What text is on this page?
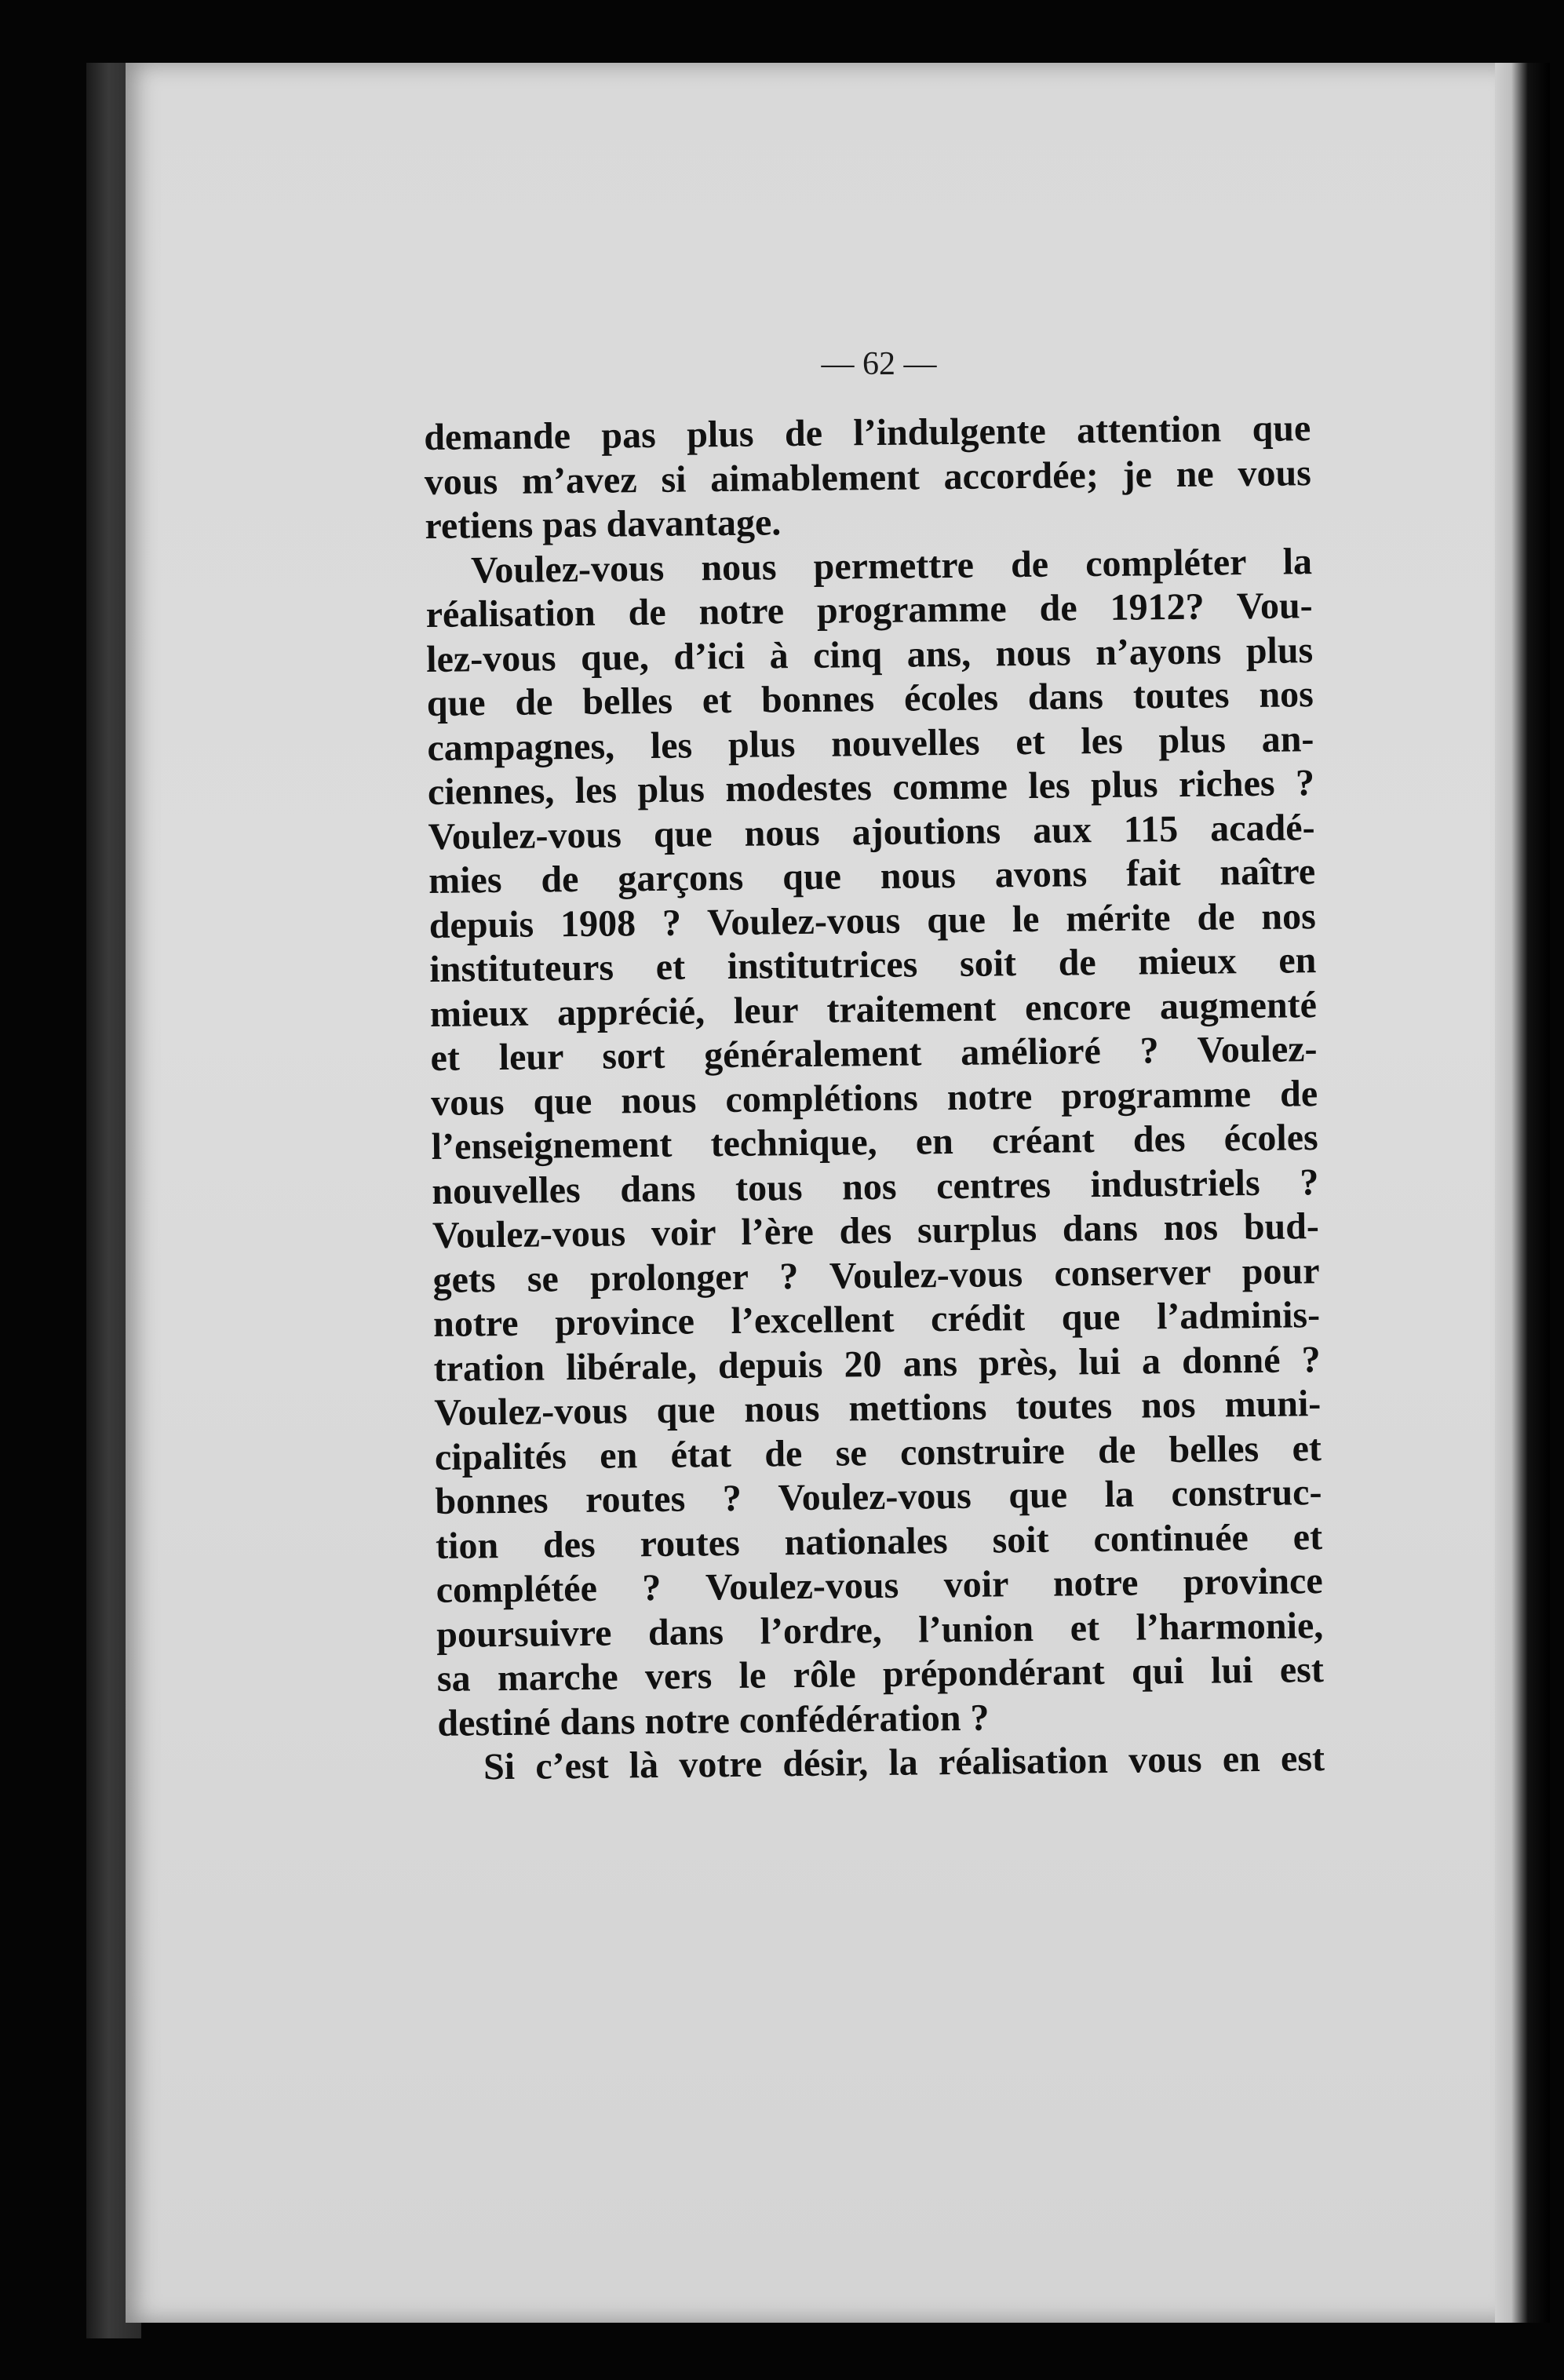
— 62 —
demande pas plus de l’indulgente attention que
vous m’avez si aimablement accordée; je ne vous
retiens pas davantage.
Voulez-vous nous permettre de compléter la
réalisation de notre programme de 1912? Vou-
lez-vous que, d’ici à cinq ans, nous n’ayons plus
que de belles et bonnes écoles dans toutes nos
campagnes, les plus nouvelles et les plus an-
ciennes, les plus modestes comme les plus riches ?
Voulez-vous que nous ajoutions aux 115 acadé-
mies de garçons que nous avons fait naître
depuis 1908 ? Voulez-vous que le mérite de nos
instituteurs et institutrices soit de mieux en
mieux apprécié, leur traitement encore augmenté
et leur sort généralement amélioré ? Voulez-
vous que nous complétions notre programme de
l’enseignement technique, en créant des écoles
nouvelles dans tous nos centres industriels ?
Voulez-vous voir l’ère des surplus dans nos bud-
gets se prolonger ? Voulez-vous conserver pour
notre province l’excellent crédit que l’adminis-
tration libérale, depuis 20 ans près, lui a donné ?
Voulez-vous que nous mettions toutes nos muni-
cipalités en état de se construire de belles et
bonnes routes ? Voulez-vous que la construc-
tion des routes nationales soit continuée et
complétée ? Voulez-vous voir notre province
poursuivre dans l’ordre, l’union et l’harmonie,
sa marche vers le rôle prépondérant qui lui est
destiné dans notre confédération ?
Si c’est là votre désir, la réalisation vous en est
